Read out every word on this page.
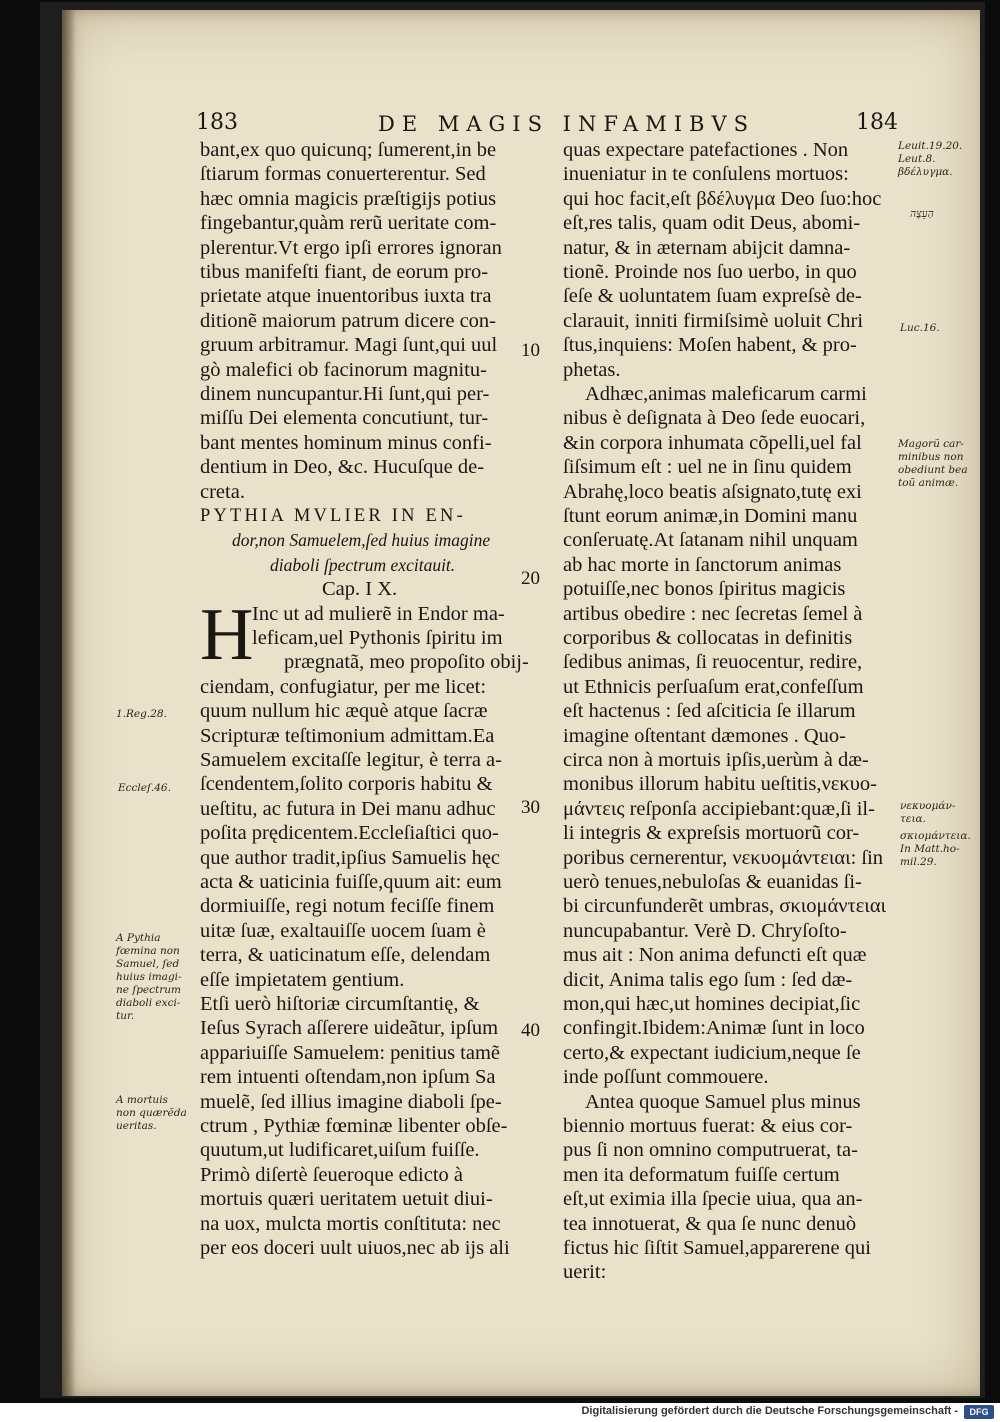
183	DE MAGIS INFAMIBVS	184
bant,ex quo quicunq; ſumerent,in be
ſtiarum formas conuerterentur. Sed
hæc omnia magicis præſtigijs potius
fingebantur,quàm rerũ ueritate com-
plerentur.Vt ergo ipſi errores ignoran
tibus manifeſti fiant, de eorum pro-
prietate atque inuentoribus iuxta tra
ditionẽ maiorum patrum dicere con-
gruum arbitramur. Magi ſunt,qui uul
gò malefici ob facinorum magnitu-
dinem nuncupantur.Hi ſunt,qui per-
miſſu Dei elementa concutiunt, tur-
bant mentes hominum minus confi-
dentium in Deo, &c. Hucuſque de-
creta.
PYTHIA MVLIER IN EN-
dor,non Samuelem,ſed huius imagine
diaboli ſpectrum excitauit.
Cap. I X.
H
Inc ut ad mulierẽ in Endor ma-
leficam,uel Pythonis ſpiritu im
prægnatã, meo propoſito obij-
ciendam, confugiatur, per me licet:
quum nullum hic æquè atque ſacræ
Scripturæ teſtimonium admittam.Ea
Samuelem excitaſſe legitur, è terra a-
ſcendentem,ſolito corporis habitu &
ueſtitu, ac futura in Dei manu adhuc
poſita prędicentem.Eccleſiaſtici quo-
que author tradit,ipſius Samuelis hęc
acta & uaticinia fuiſſe,quum ait: eum
dormiuiſſe, regi notum feciſſe finem
uitæ ſuæ, exaltauiſſe uocem ſuam è
terra, & uaticinatum eſſe, delendam
eſſe impietatem gentium.
Etſi uerò hiſtoriæ circumſtantię, &
Ieſus Syrach aſſerere uideãtur, ipſum
appariuiſſe Samuelem: penitius tamẽ
rem intuenti oſtendam,non ipſum Sa
muelẽ, ſed illius imagine diaboli ſpe-
ctrum , Pythiæ fœminæ libenter obſe-
quutum,ut ludificaret,uiſum fuiſſe.
Primò diſertè ſeueroque edicto à
mortuis quæri ueritatem uetuit diui-
na uox, mulcta mortis conſtituta: nec
per eos doceri uult uiuos,nec ab ijs ali
quas expectare patefactiones . Non
inueniatur in te conſulens mortuos:
qui hoc facit,eſt βδέλυγμα Deo ſuo:hoc
eſt,res talis, quam odit Deus, abomi-
natur, & in æternam abijcit damna-
tionẽ. Proinde nos ſuo uerbo, in quo
ſeſe & uoluntatem ſuam expreſsè de-
clarauit, inniti firmiſsimè uoluit Chri
ſtus,inquiens: Moſen habent, & pro-
phetas.
Adhæc,animas maleficarum carmi
nibus è deſignata à Deo ſede euocari,
&in corpora inhumata cõpelli,uel fal
ſiſsimum eſt : uel ne in ſinu quidem
Abrahę,loco beatis aſsignato,tutę exi
ſtunt eorum animæ,in Domini manu
conſeruatę.At ſatanam nihil unquam
ab hac morte in ſanctorum animas
potuiſſe,nec bonos ſpiritus magicis
artibus obedire : nec ſecretas ſemel à
corporibus & collocatas in definitis
ſedibus animas, ſi reuocentur, redire,
ut Ethnicis perſuaſum erat,confeſſum
eſt hactenus : ſed aſciticia ſe illarum
imagine oſtentant dæmones . Quo-
circa non à mortuis ipſis,uerùm à dæ-
monibus illorum habitu ueſtitis,νεκυο-
μάντεις reſponſa accipiebant:quæ,ſi il-
li integris & expreſsis mortuorũ cor-
poribus cernerentur, νεκυομάντειαι: ſin
uerò tenues,nebuloſas & euanidas ſi-
bi circunfunderẽt umbras, σκιομάντειαι
nuncupabantur. Verè D. Chryſoſto-
mus ait : Non anima defuncti eſt quæ
dicit, Anima talis ego ſum : ſed dæ-
mon,qui hæc,ut homines decipiat,ſic
confingit.Ibidem:Animæ ſunt in loco
certo,& expectant iudicium,neque ſe
inde poſſunt commouere.
Antea quoque Samuel plus minus
biennio mortuus fuerat: & eius cor-
pus ſi non omnino computruerat, ta-
men ita deformatum fuiſſe certum
eſt,ut eximia illa ſpecie uiua, qua an-
tea innotuerat, & qua ſe nunc denuò
fictus hic ſiſtit Samuel,apparerene qui
uerit:
10
20
30
40
1.Reg.28.
Eccleſ.46.
A Pythia
fœmina non
Samuel, ſed
huius imagi-
ne ſpectrum
diaboli exci-
tur.
A mortuis
non quærẽda
ueritas.
Leuit.19.20.
Leut.8.
βδέλυγμα.
הַעֵצֶה
Luc.16.
Magorũ car-
minibus non
obediunt bea
toũ animæ.
νεκυομάν-
τεια.
σκιομάντεια.
In Matt.ho-
mil.29.
Digitalisierung gefördert durch die Deutsche Forschungsgemeinschaft -	DFG
